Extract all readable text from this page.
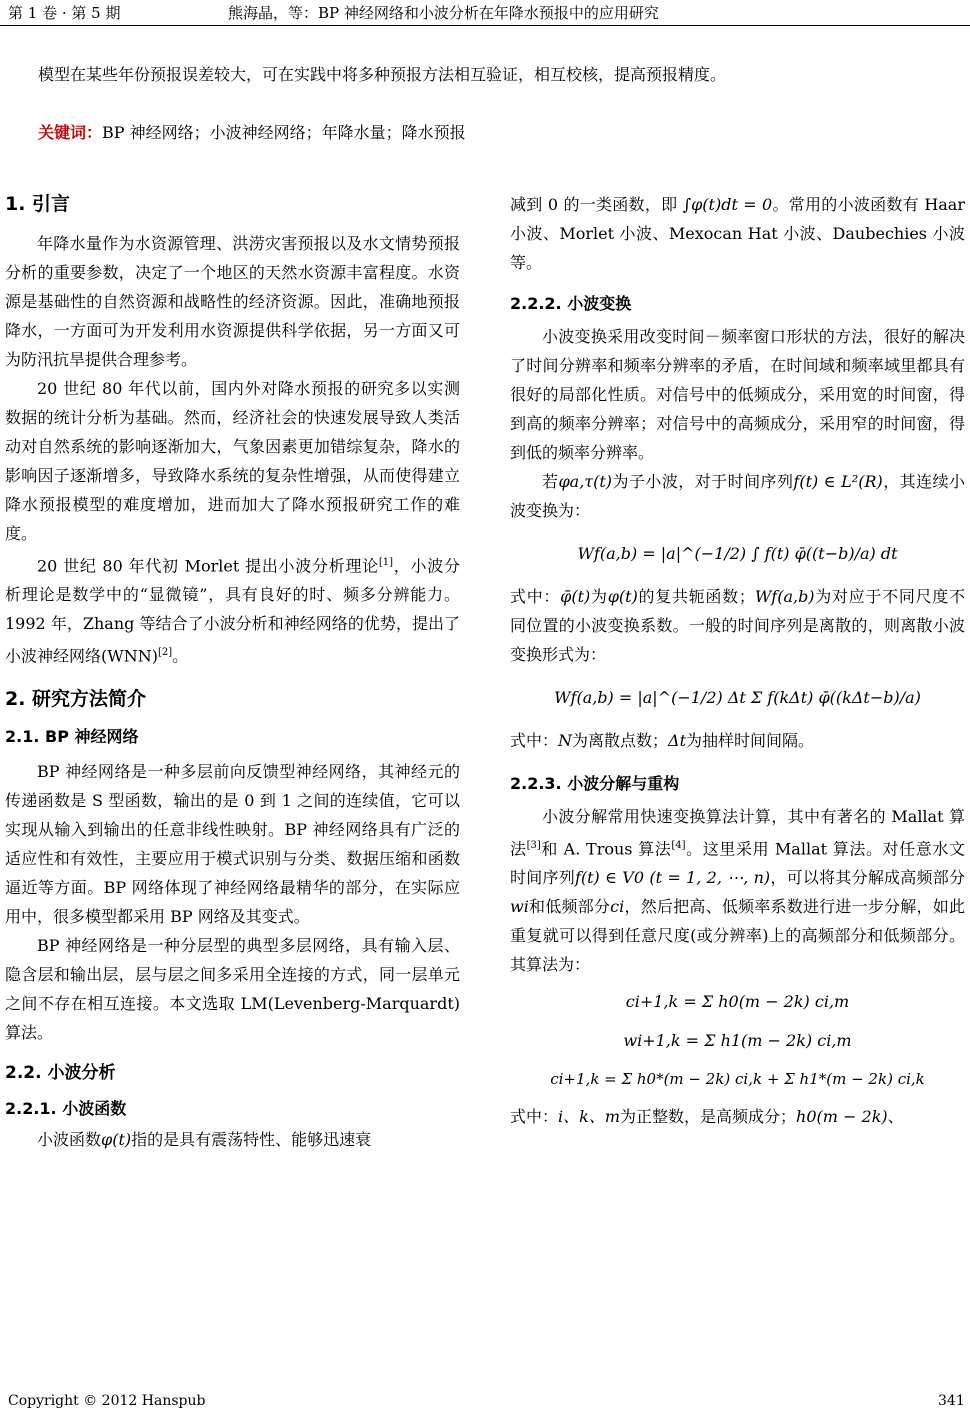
第 1 卷 · 第 5 期	熊海晶，等：BP 神经网络和小波分析在年降水预报中的应用研究
模型在某些年份预报误差较大，可在实践中将多种预报方法相互验证，相互校核，提高预报精度。
关键词：BP 神经网络；小波神经网络；年降水量；降水预报
1. 引言

年降水量作为水资源管理、洪涝灾害预报以及水文情势预报分析的重要参数，决定了一个地区的天然水资源丰富程度。水资源是基础性的自然资源和战略性的经济资源。因此，准确地预报降水，一方面可为开发利用水资源提供科学依据，另一方面又可为防汛抗旱提供合理参考。

20 世纪 80 年代以前，国内外对降水预报的研究多以实测数据的统计分析为基础。然而，经济社会的快速发展导致人类活动对自然系统的影响逐渐加大，气象因素更加错综复杂，降水的影响因子逐渐增多，导致降水系统的复杂性增强，从而使得建立降水预报模型的难度增加，进而加大了降水预报研究工作的难度。

20 世纪 80 年代初 Morlet 提出小波分析理论[1]，小波分析理论是数学中的“显微镜”，具有良好的时、频多分辨能力。1992 年，Zhang 等结合了小波分析和神经网络的优势，提出了小波神经网络(WNN)[2]。

2. 研究方法简介
2.1. BP 神经网络

BP 神经网络是一种多层前向反馈型神经网络，其神经元的传递函数是 S 型函数，输出的是 0 到 1 之间的连续值，它可以实现从输入到输出的任意非线性映射。BP 神经网络具有广泛的适应性和有效性，主要应用于模式识别与分类、数据压缩和函数逼近等方面。BP 网络体现了神经网络最精华的部分，在实际应用中，很多模型都采用 BP 网络及其变式。

BP 神经网络是一种分层型的典型多层网络，具有输入层、隐含层和输出层，层与层之间多采用全连接的方式，同一层单元之间不存在相互连接。本文选取 LM(Levenberg-Marquardt)算法。

2.2. 小波分析
2.2.1. 小波函数

小波函数φ(t)指的是具有震荡特性、能够迅速衰

减到 0 的一类函数，即 ∫φ(t)dt = 0。常用的小波函数有 Haar 小波、Morlet 小波、Mexocan Hat 小波、Daubechies 小波等。

2.2.2. 小波变换

小波变换采用改变时间－频率窗口形状的方法，很好的解决了时间分辨率和频率分辨率的矛盾，在时间域和频率域里都具有很好的局部化性质。对信号中的低频成分，采用宽的时间窗，得到高的频率分辨率；对信号中的高频成分，采用窄的时间窗，得到低的频率分辨率。

若φa,τ(t)为子小波，对于时间序列f(t) ∈ L²(R)，其连续小波变换为：

Wf(a,b) = |a|^(−1/2) ∫ f(t) φ̄((t−b)/a) dt

式中：φ̄(t)为φ(t)的复共轭函数；Wf(a,b)为对应于不同尺度不同位置的小波变换系数。一般的时间序列是离散的，则离散小波变换形式为：

Wf(a,b) = |a|^(−1/2) Δt Σ f(kΔt) φ̄((kΔt−b)/a)

式中：N为离散点数；Δt为抽样时间间隔。

2.2.3. 小波分解与重构

小波分解常用快速变换算法计算，其中有著名的 Mallat 算法[3]和 A. Trous 算法[4]。这里采用 Mallat 算法。对任意水文时间序列f(t) ∈ V0 (t = 1, 2, ⋯, n)，可以将其分解成高频部分wi和低频部分ci，然后把高、低频率系数进行进一步分解，如此重复就可以得到任意尺度(或分辨率)上的高频部分和低频部分。其算法为：

ci+1,k = Σ h0(m − 2k) ci,m
wi+1,k = Σ h1(m − 2k) ci,m
ci+1,k = Σ h0*(m − 2k) ci,k + Σ h1*(m − 2k) ci,k

式中：i、k、m为正整数，是高频成分；h0(m − 2k)、

Copyright © 2012 Hanspub	341
